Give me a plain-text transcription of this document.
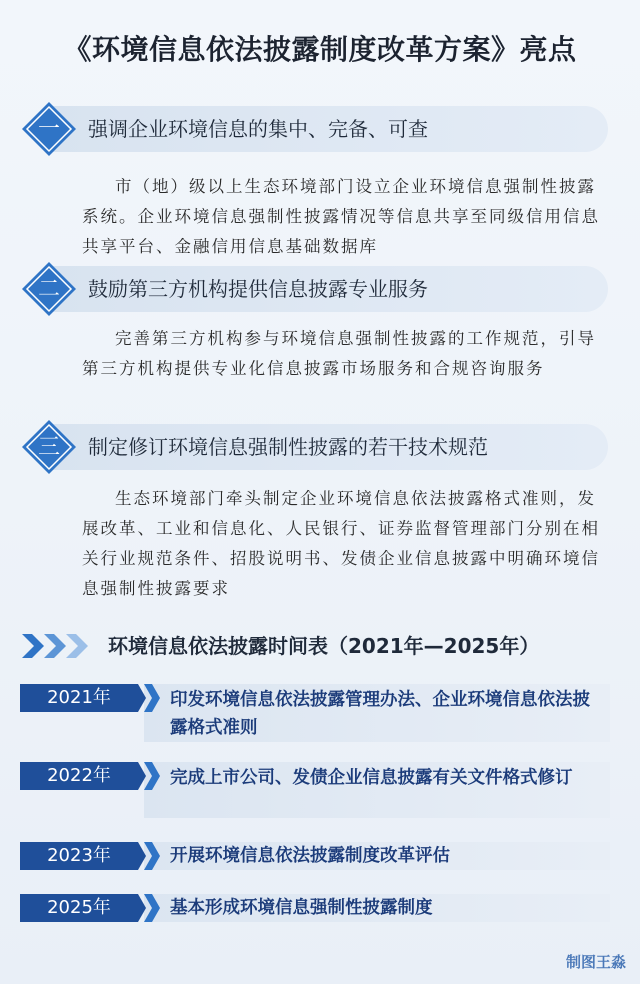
《环境信息依法披露制度改革方案》亮点
强调企业环境信息的集中、完备、可查
一
市（地）级以上生态环境部门设立企业环境信息强制性披露系统。企业环境信息强制性披露情况等信息共享至同级信用信息共享平台、金融信用信息基础数据库
鼓励第三方机构提供信息披露专业服务
二
完善第三方机构参与环境信息强制性披露的工作规范，引导第三方机构提供专业化信息披露市场服务和合规咨询服务
制定修订环境信息强制性披露的若干技术规范
三
生态环境部门牵头制定企业环境信息依法披露格式准则，发展改革、工业和信息化、人民银行、证券监督管理部门分别在相关行业规范条件、招股说明书、发债企业信息披露中明确环境信息强制性披露要求
环境信息依法披露时间表（2021年—2025年）
2021年	印发环境信息依法披露管理办法、企业环境信息依法披露格式准则
2022年	完成上市公司、发债企业信息披露有关文件格式修订
2023年	开展环境信息依法披露制度改革评估
2025年	基本形成环境信息强制性披露制度
制图王淼
